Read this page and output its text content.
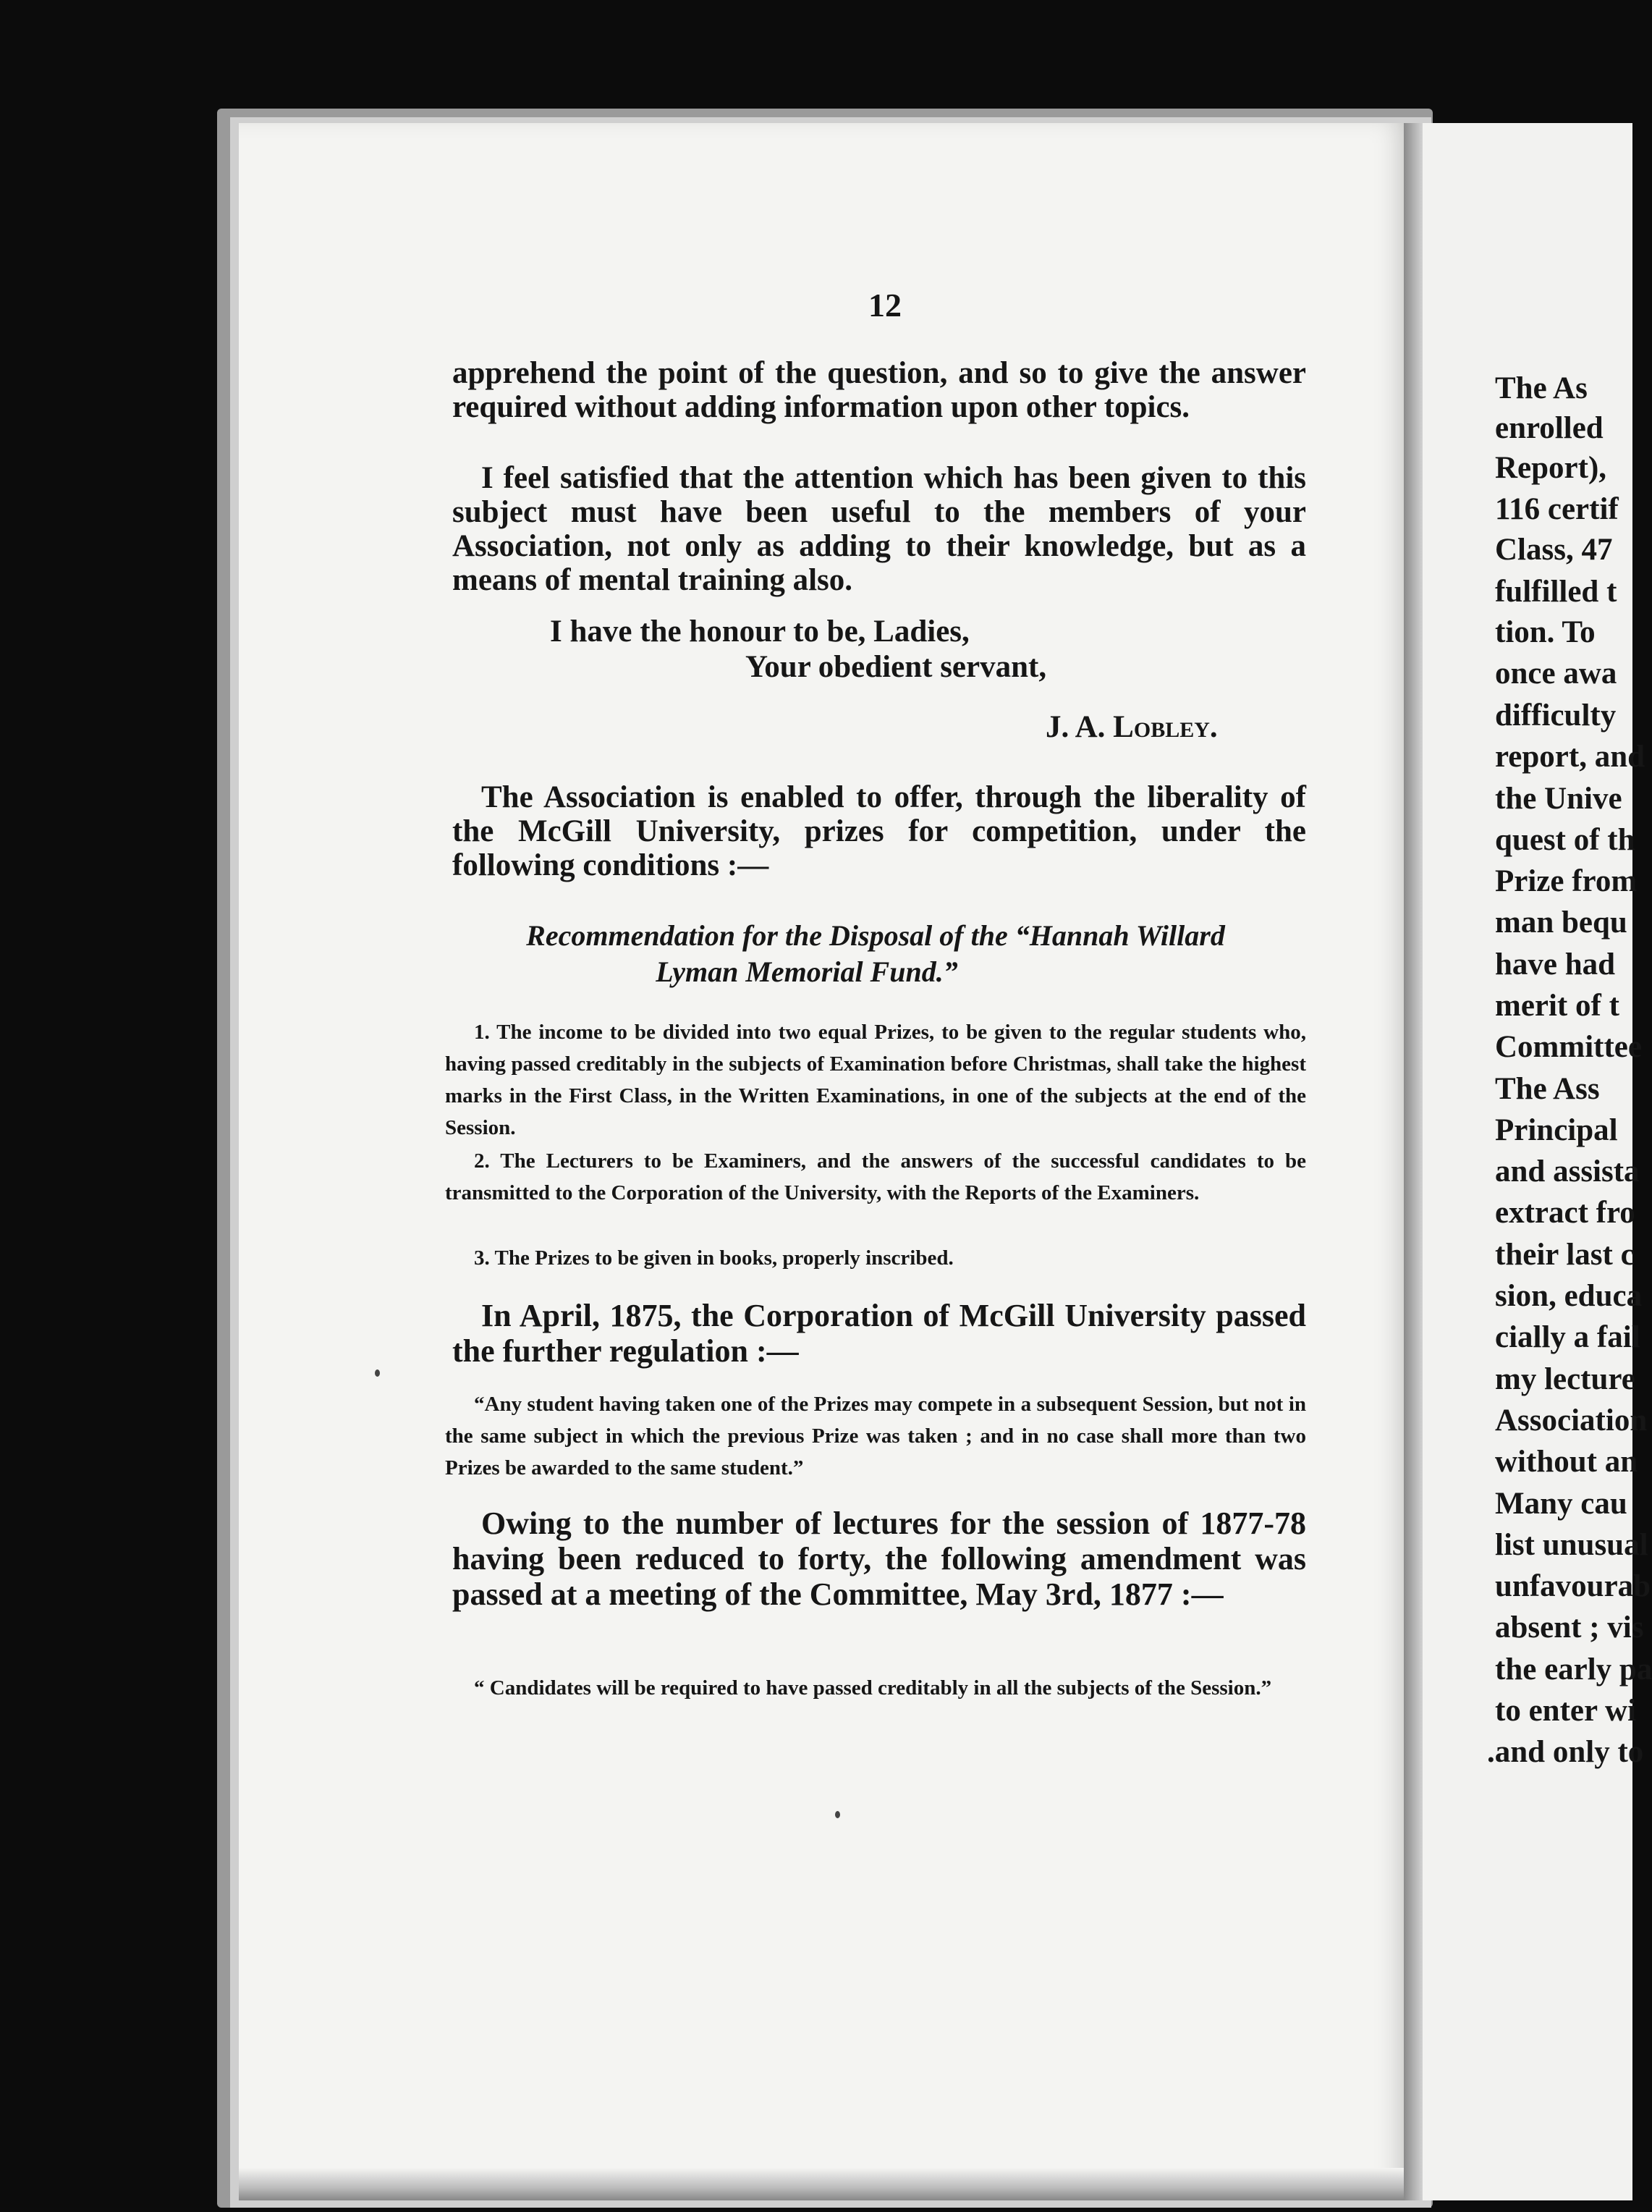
12
apprehend the point of the question, and so to give the answer required without adding information upon other topics.
I feel satisfied that the attention which has been given to this subject must have been useful to the members of your Association, not only as adding to their knowledge, but as a means of mental training also.
I have the honour to be, Ladies,
Your obedient servant,
J. A. Lobley.
The Association is enabled to offer, through the liberality of the McGill University, prizes for competition, under the following conditions :—
Recommendation for the Disposal of the “Hannah Willard
Lyman Memorial Fund.”
1. The income to be divided into two equal Prizes, to be given to the regular students who, having passed creditably in the subjects of Examination before Christmas, shall take the highest marks in the First Class, in the Written Examinations, in one of the subjects at the end of the Session.
2. The Lecturers to be Examiners, and the answers of the successful candidates to be transmitted to the Corporation of the University, with the Reports of the Examiners.
3. The Prizes to be given in books, properly inscribed.
In April, 1875, the Corporation of McGill University passed the further regulation :—
“Any student having taken one of the Prizes may compete in a subsequent Session, but not in the same subject in which the previous Prize was taken ; and in no case shall more than two Prizes be awarded to the same student.”
Owing to the number of lectures for the session of 1877-78 having been reduced to forty, the following amendment was passed at a meeting of the Committee, May 3rd, 1877 :—
“ Candidates will be required to have passed creditably in all the subjects of the Session.”
The As
enrolled
Report),
116 certif
Class, 47
fulfilled t
tion. To
once awa
difficulty
report, and
the Unive
quest of th
Prize from
man bequ
have had
merit of t
Committee
The Ass
Principal
and assista
extract fro
their last c
sion, educa
cially a fail
my lecture
Association
without an
Many cau
list unusual
unfavourab
absent ; vis
the early pa
to enter wi
.and only to
